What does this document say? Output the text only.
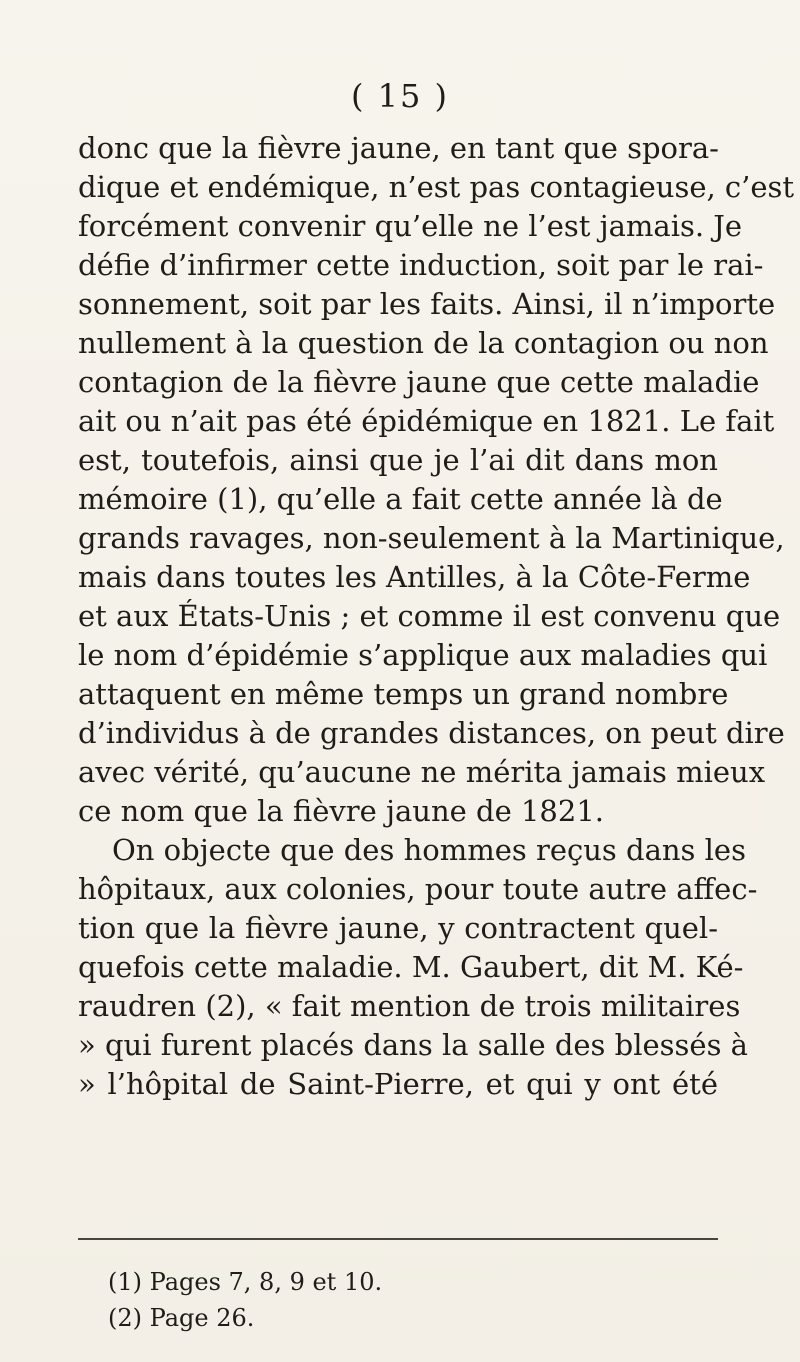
( 15 )
donc que la fièvre jaune, en tant que spora-
dique et endémique, n’est pas contagieuse, c’est
forcément convenir qu’elle ne l’est jamais. Je
défie d’infirmer cette induction, soit par le rai-
sonnement, soit par les faits. Ainsi, il n’importe
nullement à la question de la contagion ou non
contagion de la fièvre jaune que cette maladie
ait ou n’ait pas été épidémique en 1821. Le fait
est, toutefois, ainsi que je l’ai dit dans mon
mémoire (1), qu’elle a fait cette année là de
grands ravages, non-seulement à la Martinique,
mais dans toutes les Antilles, à la Côte-Ferme
et aux États-Unis ; et comme il est convenu que
le nom d’épidémie s’applique aux maladies qui
attaquent en même temps un grand nombre
d’individus à de grandes distances, on peut dire
avec vérité, qu’aucune ne mérita jamais mieux
ce nom que la fièvre jaune de 1821.
On objecte que des hommes reçus dans les
hôpitaux, aux colonies, pour toute autre affec-
tion que la fièvre jaune, y contractent quel-
quefois cette maladie. M. Gaubert, dit M. Ké-
raudren (2), « fait mention de trois militaires
» qui furent placés dans la salle des blessés à
» l’hôpital de Saint-Pierre, et qui y ont été
(1) Pages 7, 8, 9 et 10.
(2) Page 26.
